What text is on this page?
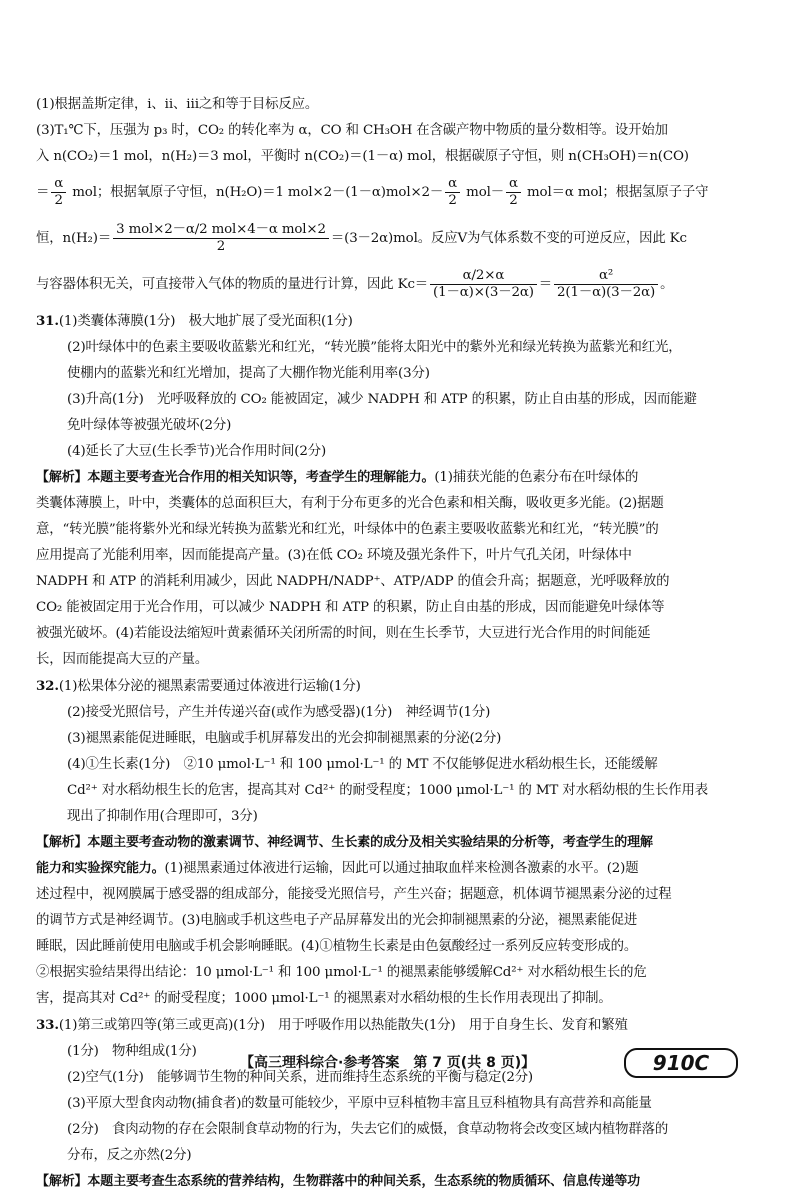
(1)根据盖斯定律，ⅰ、ⅱ、ⅲ之和等于目标反应。

(3)T₁℃下，压强为 p₃ 时，CO₂ 的转化率为 α，CO 和 CH₃OH 在含碳产物中物质的量分数相等。设开始加

入 n(CO₂)＝1 mol，n(H₂)＝3 mol，平衡时 n(CO₂)＝(1－α) mol，根据碳原子守恒，则 n(CH₃OH)＝n(CO)

＝ $\frac{\alpha}{2}$ mol；根据氧原子守恒，n(H₂O)＝1 $mol\times 2-(1-\alpha)mol\times 2- \frac{\alpha}{2} mol- \frac{\alpha}{2} mol=\alpha$ mol；根据氢原子子守

恒，$n(H_2)= \frac{\text{3 mol×2－α/2 mol×4－α mol×2}}{2} =(3-2\alpha)mol$。反应Ⅴ为气体系数不变的可逆反应，因此 Kc

与容器体积无关，可直接带入气体的物质的量进行计算，因此 $Kc= \frac{\alpha/2\times\alpha}{(1-\alpha)\times(3-2\alpha)} = \frac{\text{α²}}{2(1-\alpha)(3-2\alpha)}$ 。

31.(1)类囊体薄膜(1分)　极大地扩展了受光面积(1分)

(2)叶绿体中的色素主要吸收蓝紫光和红光，“转光膜”能将太阳光中的紫外光和绿光转换为蓝紫光和红光，

使棚内的蓝紫光和红光增加，提高了大棚作物光能利用率(3分)

(3)升高(1分)　光呼吸释放的 CO₂ 能被固定，减少 NADPH 和 ATP 的积累，防止自由基的形成，因而能避

免叶绿体等被强光破坏(2分)

(4)延长了大豆(生长季节)光合作用时间(2分)

【解析】本题主要考查光合作用的相关知识等，考查学生的理解能力。(1)捕获光能的色素分布在叶绿体的

类囊体薄膜上，叶中，类囊体的总面积巨大，有利于分布更多的光合色素和相关酶，吸收更多光能。(2)据题

意，“转光膜”能将紫外光和绿光转换为蓝紫光和红光，叶绿体中的色素主要吸收蓝紫光和红光，“转光膜”的

应用提高了光能利用率，因而能提高产量。(3)在低 CO₂ 环境及强光条件下，叶片气孔关闭，叶绿体中

NADPH 和 ATP 的消耗利用减少，因此 NADPH/NADP⁺、ATP/ADP 的值会升高；据题意，光呼吸释放的

CO₂ 能被固定用于光合作用，可以减少 NADPH 和 ATP 的积累，防止自由基的形成，因而能避免叶绿体等

被强光破坏。(4)若能设法缩短叶黄素循环关闭所需的时间，则在生长季节，大豆进行光合作用的时间能延

长，因而能提高大豆的产量。

32.(1)松果体分泌的褪黑素需要通过体液进行运输(1分)

(2)接受光照信号，产生并传递兴奋(或作为感受器)(1分)　神经调节(1分)

(3)褪黑素能促进睡眠，电脑或手机屏幕发出的光会抑制褪黑素的分泌(2分)

(4)①生长素(1分)　②10 μmol·L⁻¹ 和 100 μmol·L⁻¹ 的 MT 不仅能够促进水稻幼根生长，还能缓解

Cd²⁺ 对水稻幼根生长的危害，提高其对 Cd²⁺ 的耐受程度；1000 μmol·L⁻¹ 的 MT 对水稻幼根的生长作用表

现出了抑制作用(合理即可，3分)

【解析】本题主要考查动物的激素调节、神经调节、生长素的成分及相关实验结果的分析等，考查学生的理解

能力和实验探究能力。(1)褪黑素通过体液进行运输，因此可以通过抽取血样来检测各激素的水平。(2)题

述过程中，视网膜属于感受器的组成部分，能接受光照信号，产生兴奋；据题意，机体调节褪黑素分泌的过程

的调节方式是神经调节。(3)电脑或手机这些电子产品屏幕发出的光会抑制褪黑素的分泌，褪黑素能促进

睡眠，因此睡前使用电脑或手机会影响睡眠。(4)①植物生长素是由色氨酸经过一系列反应转变形成的。

②根据实验结果得出结论：10 μmol·L⁻¹ 和 100 μmol·L⁻¹ 的褪黑素能够缓解Cd²⁺ 对水稻幼根生长的危

害，提高其对 Cd²⁺ 的耐受程度；1000 μmol·L⁻¹ 的褪黑素对水稻幼根的生长作用表现出了抑制。

33.(1)第三或第四等(第三或更高)(1分)　用于呼吸作用以热能散失(1分)　用于自身生长、发育和繁殖

(1分)　物种组成(1分)

(2)空气(1分)　能够调节生物的种间关系，进而维持生态系统的平衡与稳定(2分)

(3)平原大型食肉动物(捕食者)的数量可能较少，平原中豆科植物丰富且豆科植物具有高营养和高能量

(2分)　食肉动物的存在会限制食草动物的行为，失去它们的威慑，食草动物将会改变区域内植物群落的

分布，反之亦然(2分)

【解析】本题主要考查生态系统的营养结构，生物群落中的种间关系，生态系统的物质循环、信息传递等功

【高三理科综合·参考答案　第 7 页(共 8 页)】	910C
